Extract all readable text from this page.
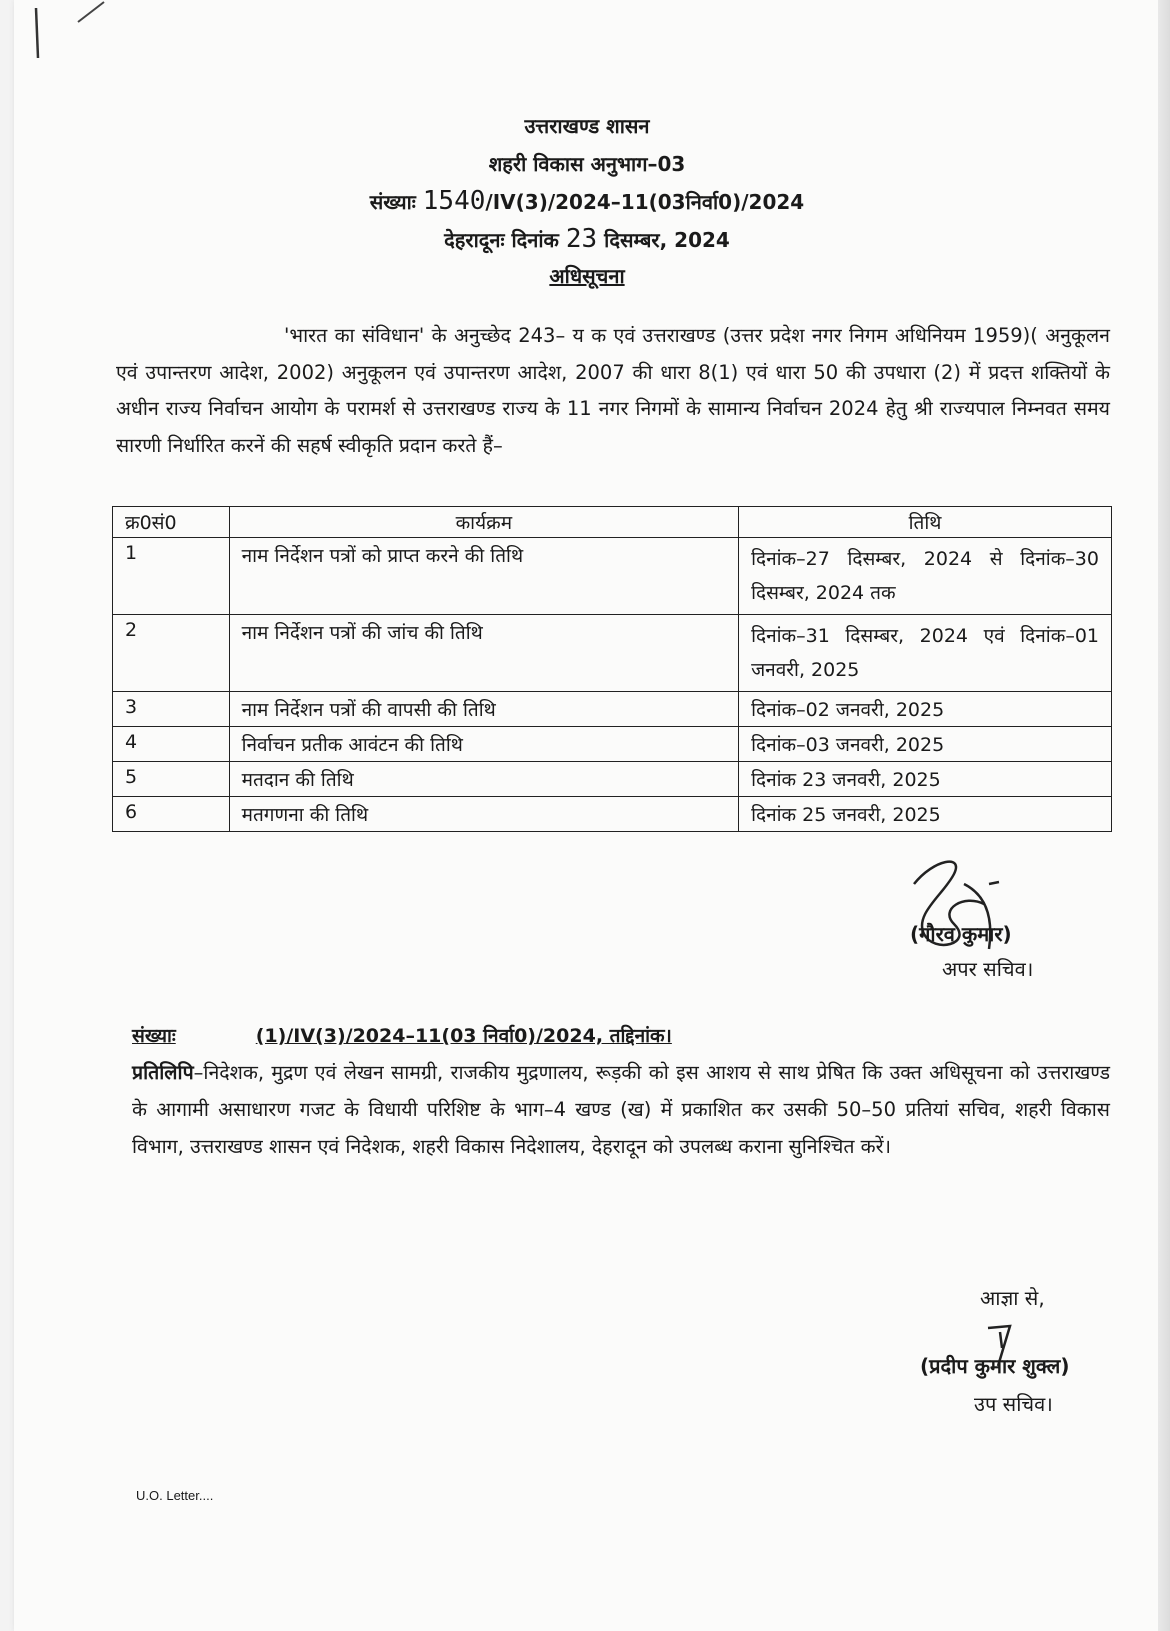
उत्तराखण्ड शासन
शहरी विकास अनुभाग–03
संख्याः 1540/IV(3)/2024–11(03निर्वा0)/2024
देहरादूनः दिनांक 23 दिसम्बर, 2024
अधिसूचना
'भारत का संविधान' के अनुच्छेद 243– य क एवं उत्तराखण्ड (उत्तर प्रदेश नगर निगम अधिनियम 1959)( अनुकूलन एवं उपान्तरण आदेश, 2002) अनुकूलन एवं उपान्तरण आदेश, 2007 की धारा 8(1) एवं धारा 50 की उपधारा (2) में प्रदत्त शक्तियों के अधीन राज्य निर्वाचन आयोग के परामर्श से उत्तराखण्ड राज्य के 11 नगर निगमों के सामान्य निर्वाचन 2024 हेतु श्री राज्यपाल निम्नवत समय सारणी निर्धारित करनें की सहर्ष स्वीकृति प्रदान करते हैं–
क्र0सं0	कार्यक्रम	तिथि
1	नाम निर्देशन पत्रों को प्राप्त करने की तिथि	दिनांक–27 दिसम्बर, 2024 से दिनांक–30 दिसम्बर, 2024 तक
2	नाम निर्देशन पत्रों की जांच की तिथि	दिनांक–31 दिसम्बर, 2024 एवं दिनांक–01 जनवरी, 2025
3	नाम निर्देशन पत्रों की वापसी की तिथि	दिनांक–02 जनवरी, 2025
4	निर्वाचन प्रतीक आवंटन की तिथि	दिनांक–03 जनवरी, 2025
5	मतदान की तिथि	दिनांक 23 जनवरी, 2025
6	मतगणना की तिथि	दिनांक 25 जनवरी, 2025
(गौरव कुमार)
अपर सचिव।
संख्याः	(1)/IV(3)/2024–11(03 निर्वा0)/2024, तद्दिनांक।
प्रतिलिपि–निदेशक, मुद्रण एवं लेखन सामग्री, राजकीय मुद्रणालय, रूड़की को इस आशय से साथ प्रेषित कि उक्त अधिसूचना को उत्तराखण्ड के आगामी असाधारण गजट के विधायी परिशिष्ट के भाग–4 खण्ड (ख) में प्रकाशित कर उसकी 50–50 प्रतियां सचिव, शहरी विकास विभाग, उत्तराखण्ड शासन एवं निदेशक, शहरी विकास निदेशालय, देहरादून को उपलब्ध कराना सुनिश्चित करें।
आज्ञा से,
(प्रदीप कुमार शुक्ल)
उप सचिव।
U.O. Letter....
